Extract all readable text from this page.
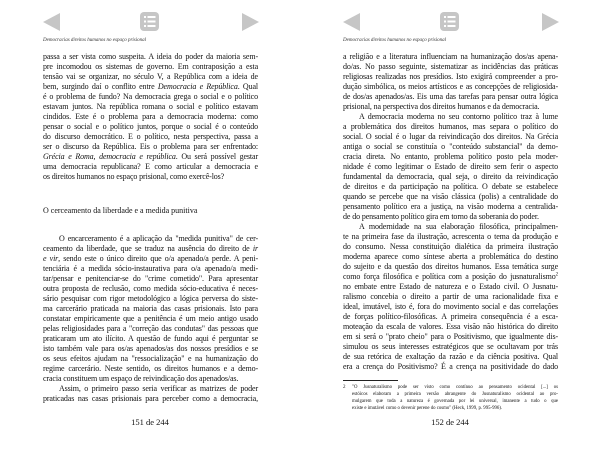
Democracias direitos humanos no espaço prisional
passa a ser vista como suspeita. A ideia do poder da maioria sem-
pre incomodou os sistemas de governo. Em contraposição a esta
tensão vai se organizar, no século V, a República com a ideia de
bem, surgindo daí o conflito entre Democracia e República. Qual
é o problema de fundo? Na democracia grega o social e o político
estavam juntos. Na república romana o social e político estavam
cindidos. Este é o problema para a democracia moderna: como
pensar o social e o político juntos, porque o social é o conteúdo
do discurso democrático. E o político, nesta perspectiva, passa a
ser o discurso da República. Eis o problema para ser enfrentado:
Grécia e Roma, democracia e república. Ou será possível gestar
uma democracia republicana? E como articular a democracia e
os direitos humanos no espaço prisional, como exercê-los?
O cerceamento da liberdade e a medida punitiva
O encarceramento é a aplicação da "medida punitiva" de cer-
ceamento da liberdade, que se traduz na ausência do direito de ir
e vir, sendo este o único direito que o/a apenado/a perde. A peni-
tenciária é a medida sócio-instaurativa para o/a apenado/a medi-
tar/pensar e penitenciar-se do "crime cometido". Para apresentar
outra proposta de reclusão, como medida sócio-educativa é neces-
sário pesquisar com rigor metodológico a lógica perversa do siste-
ma carcerário praticada na maioria das casas prisionais. Isto para
constatar empiricamente que a penitência é um meio antigo usado
pelas religiosidades para a "correção das condutas" das pessoas que
praticaram um ato ilícito. A questão de fundo aqui é perguntar se
isto também vale para os/as apenados/as dos nossos presídios e se
os seus efeitos ajudam na "ressocialização" e na humanização do
regime carcerário. Neste sentido, os direitos humanos e a demo-
cracia constituem um espaço de reivindicação dos apenados/as.
Assim, o primeiro passo seria verificar as matrizes de poder
praticadas nas casas prisionais para perceber como a democracia,
151 de 244
Democracias direitos humanos no espaço prisional
a religião e a literatura influenciam na humanização dos/as apena-
do/as. No passo seguinte, sistematizar as incidências das práticas
religiosas realizadas nos presídios. Isto exigirá compreender a pro-
dução simbólica, os meios artísticos e as concepções de religiosida-
de dos/as apenados/as. Eis uma das tarefas para pensar outra lógica
prisional, na perspectiva dos direitos humanos e da democracia.
A democracia moderna no seu contorno político traz à lume
a problemática dos direitos humanos, mas separa o político do
social. O social é o lugar da reivindicação dos direitos. Na Grécia
antiga o social se constituía o "conteúdo substancial" da demo-
cracia direta. No entanto, problema político posto pela moder-
nidade é como legitimar o Estado de direito sem ferir o aspecto
fundamental da democracia, qual seja, o direito da reivindicação
de direitos e da participação na política. O debate se estabelece
quando se percebe que na visão clássica (polis) a centralidade do
pensamento político era a justiça, na visão moderna a centralida-
de do pensamento político gira em torno da soberania do poder.
A modernidade na sua elaboração filosófica, principalmen-
te na primeira fase da ilustração, acrescenta o tema da produção e
do consumo. Nessa constituição dialética da primeira ilustração
moderna aparece como síntese aberta a problemática do destino
do sujeito e da questão dos direitos humanos. Essa temática surge
como força filosófica e política com a posição do jusnaturalismo$^2$
no embate entre Estado de natureza e o Estado civil. O Jusnatu-
ralismo concebia o direito a partir de uma racionalidade fixa e
ideal, imutável, isto é, fora do movimento social e das correlações
de forças político-filosóficas. A primeira consequência é a esca-
moteação da escala de valores. Essa visão não histórica do direito
em si será o "prato cheio" para o Positivismo, que igualmente dis-
simulou os seus interesses estratégicos que se ocultavam por trás
de sua retórica de exaltação da razão e da ciência positiva. Qual
era a crença do Positivismo? É a crença na positividade do dado
2	"O Jusnaturalismo pode ser visto como contínuo ao pensamento ocidental [...] os
estóicos elaboram a primeira versão abrangente do Jusnaturalismo ocidental ao pro-
mulgarem que toda a natureza é governada por lei universal, imanente a tudo o que
existe e imutável como o devenir perene do cosmo" (Heck, 1999, p. 995-996).
152 de 244
